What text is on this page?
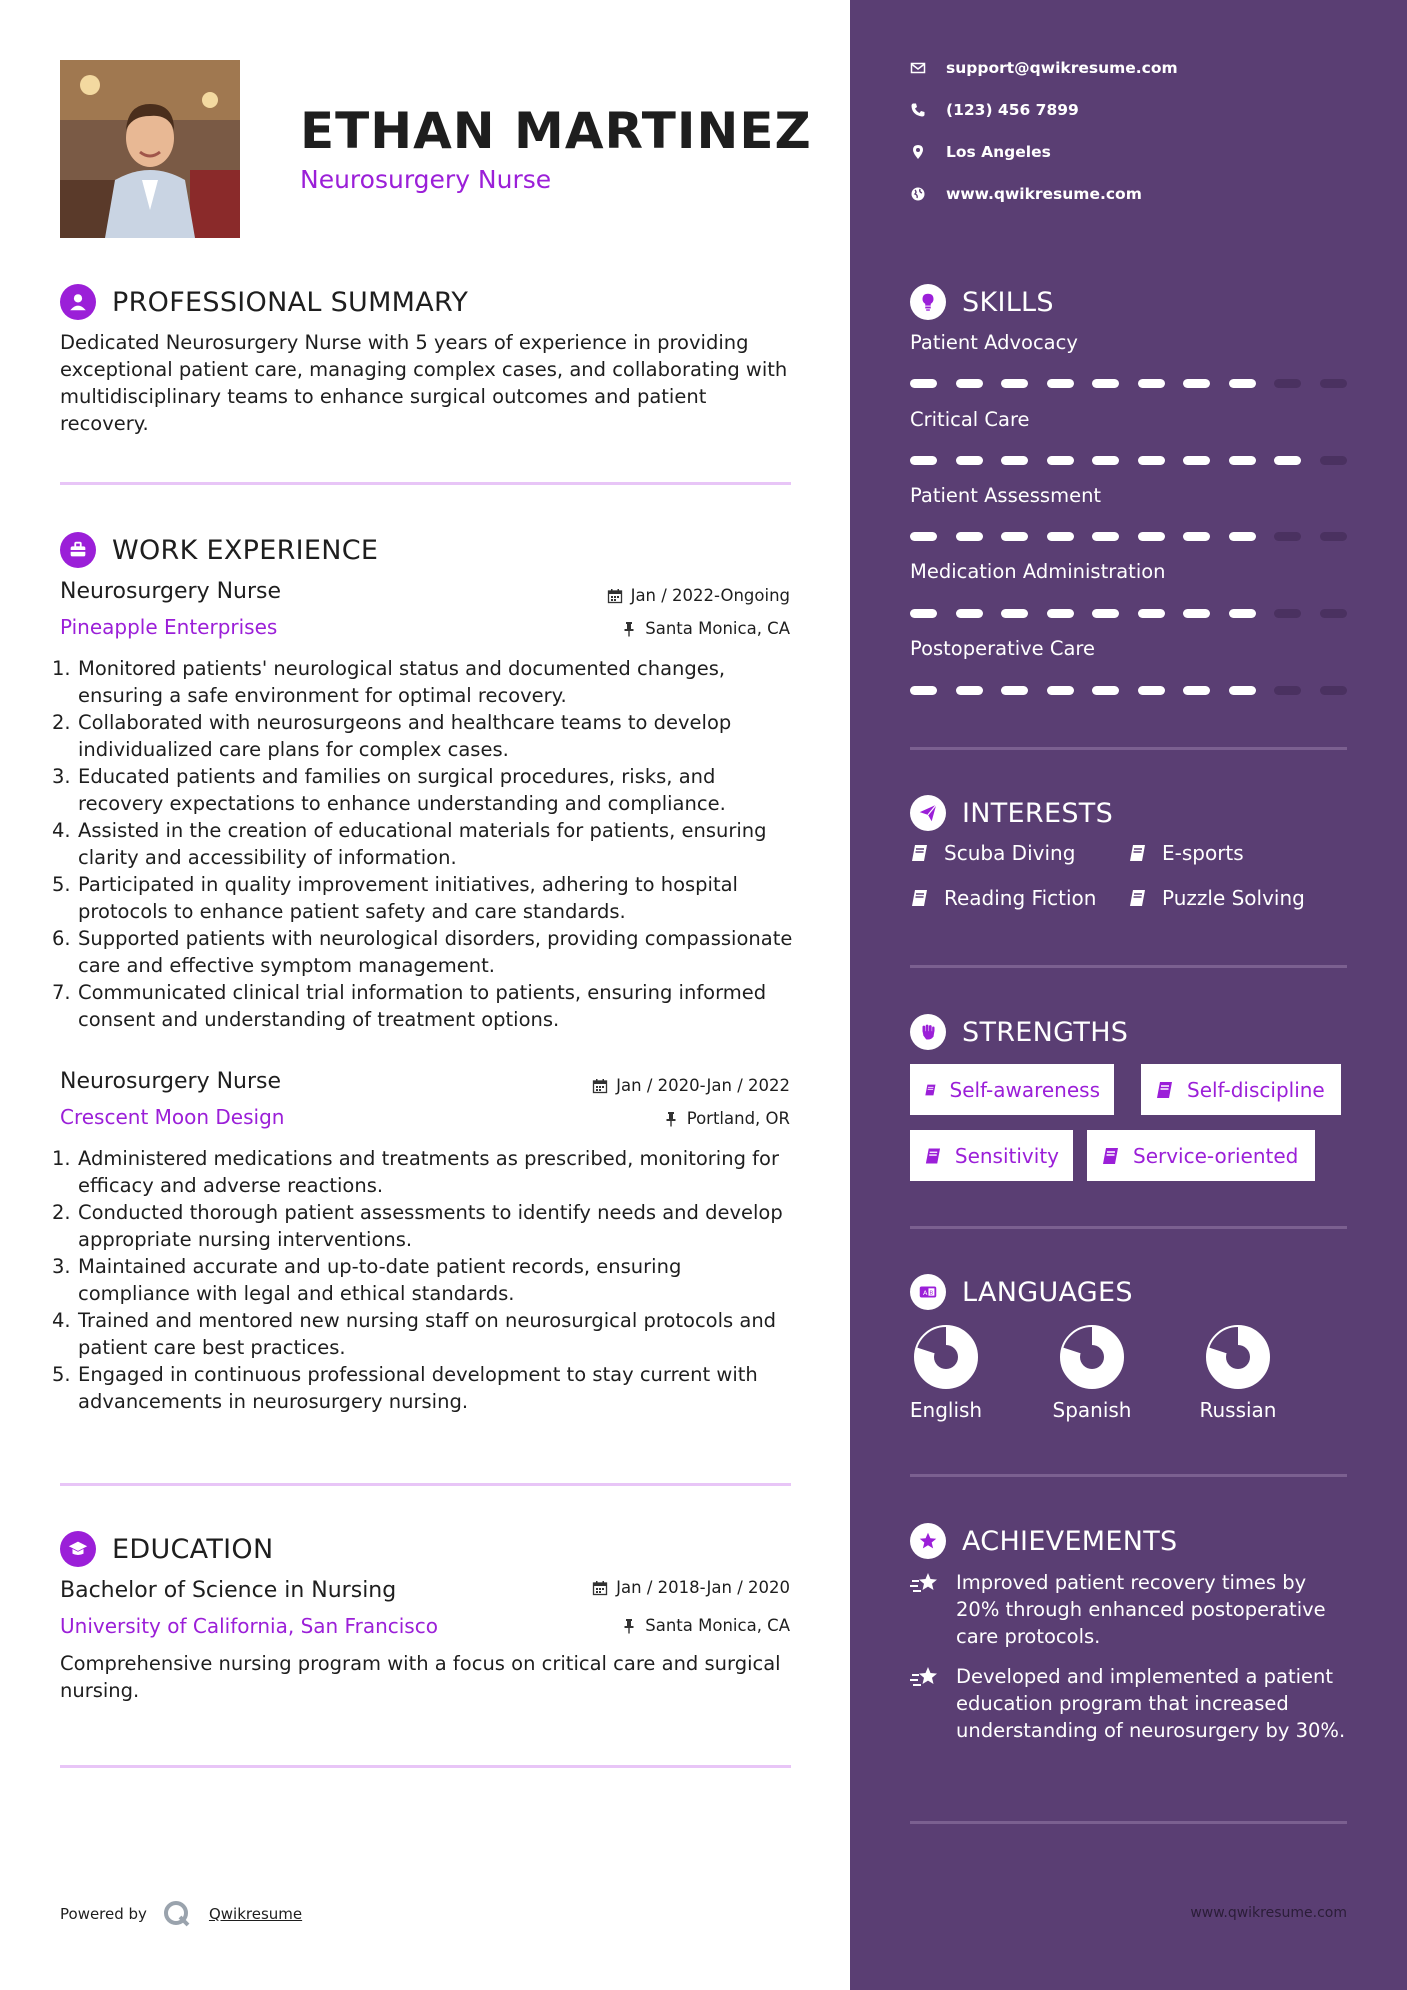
ETHAN MARTINEZ
Neurosurgery Nurse
PROFESSIONAL SUMMARY
Dedicated Neurosurgery Nurse with 5 years of experience in providing exceptional patient care, managing complex cases, and collaborating with multidisciplinary teams to enhance surgical outcomes and patient recovery.
WORK EXPERIENCE
Neurosurgery Nurse
Pineapple Enterprises
Jan / 2022-Ongoing
Santa Monica, CA
1. Monitored patients' neurological status and documented changes, ensuring a safe environment for optimal recovery.
2. Collaborated with neurosurgeons and healthcare teams to develop individualized care plans for complex cases.
3. Educated patients and families on surgical procedures, risks, and recovery expectations to enhance understanding and compliance.
4. Assisted in the creation of educational materials for patients, ensuring clarity and accessibility of information.
5. Participated in quality improvement initiatives, adhering to hospital protocols to enhance patient safety and care standards.
6. Supported patients with neurological disorders, providing compassionate care and effective symptom management.
7. Communicated clinical trial information to patients, ensuring informed consent and understanding of treatment options.
Neurosurgery Nurse
Crescent Moon Design
Jan / 2020-Jan / 2022
Portland, OR
1. Administered medications and treatments as prescribed, monitoring for efficacy and adverse reactions.
2. Conducted thorough patient assessments to identify needs and develop appropriate nursing interventions.
3. Maintained accurate and up-to-date patient records, ensuring compliance with legal and ethical standards.
4. Trained and mentored new nursing staff on neurosurgical protocols and patient care best practices.
5. Engaged in continuous professional development to stay current with advancements in neurosurgery nursing.
EDUCATION
Bachelor of Science in Nursing
University of California, San Francisco
Jan / 2018-Jan / 2020
Santa Monica, CA
Comprehensive nursing program with a focus on critical care and surgical nursing.
Powered by	Qwikresume
support@qwikresume.com
(123) 456 7899
Los Angeles
www.qwikresume.com
SKILLS
Patient Advocacy
Critical Care
Patient Assessment
Medication Administration
Postoperative Care
INTERESTS
Scuba Diving	E-sports
Reading Fiction	Puzzle Solving
STRENGTHS
Self-awareness	Self-discipline
Sensitivity	Service-oriented
A B LANGUAGES
English	Spanish	Russian
ACHIEVEMENTS
Improved patient recovery times by 20% through enhanced postoperative care protocols.
Developed and implemented a patient education program that increased understanding of neurosurgery by 30%.
www.qwikresume.com
